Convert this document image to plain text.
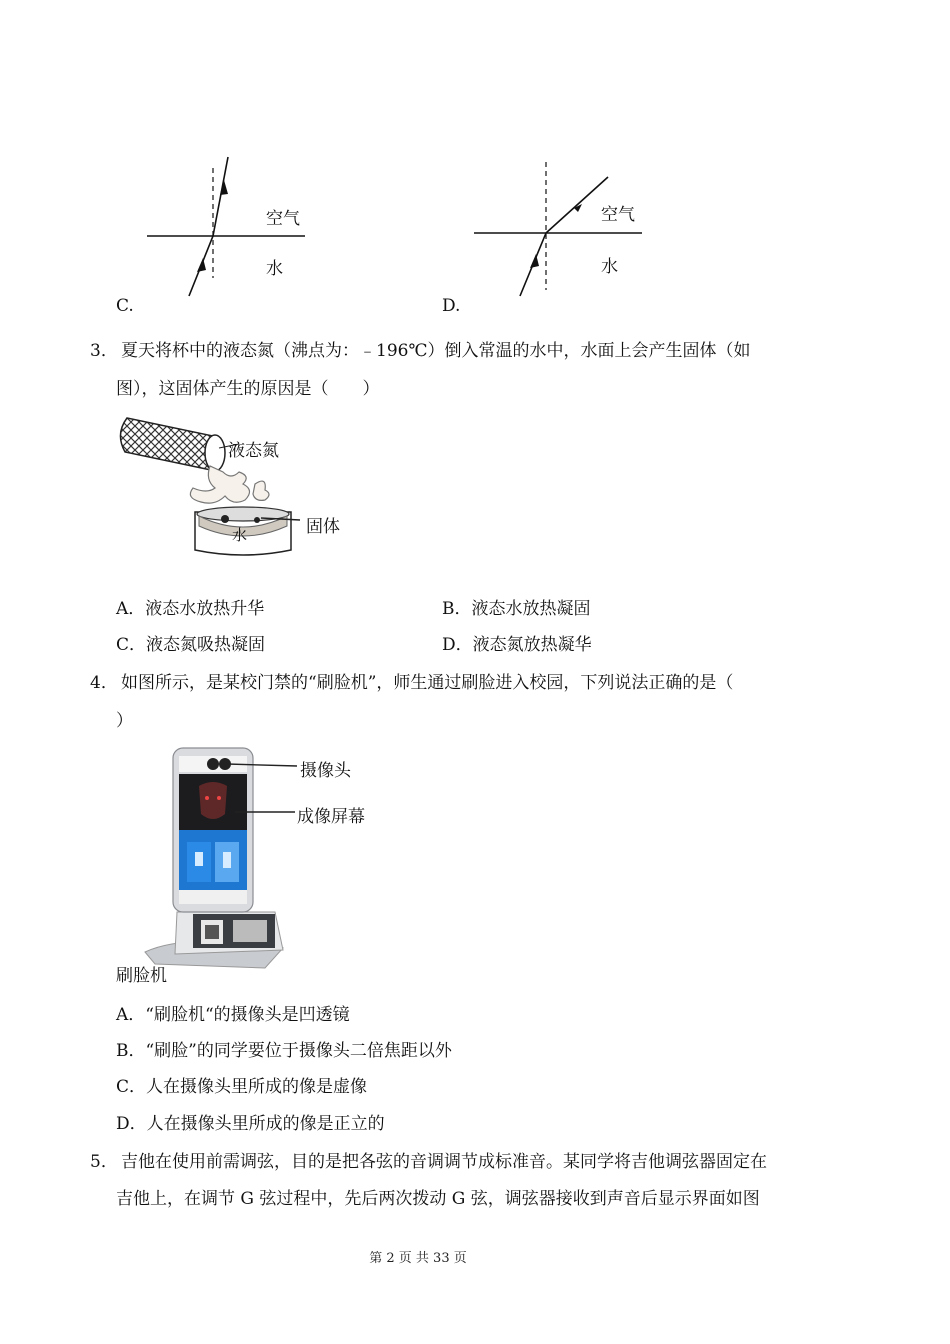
空气
水
C.
空气
水
D.
3． 夏天将杯中的液态氮（沸点为：﹣196℃）倒入常温的水中，水面上会产生固体（如
图），这固体产生的原因是（　　）
液态氮
固体
水
A．液态水放热升华	B．液态水放热凝固
C．液态氮吸热凝固	D．液态氮放热凝华
4． 如图所示，是某校门禁的“刷脸机”，师生通过刷脸进入校园，下列说法正确的是（
）
摄像头
成像屏幕
刷脸机
A．“刷脸机“的摄像头是凹透镜
B．“刷脸”的同学要位于摄像头二倍焦距以外
C．人在摄像头里所成的像是虚像
D．人在摄像头里所成的像是正立的
5． 吉他在使用前需调弦，目的是把各弦的音调调节成标准音。某同学将吉他调弦器固定在
吉他上，在调节 G 弦过程中，先后两次拨动 G 弦，调弦器接收到声音后显示界面如图
第 2 页 共 33 页
